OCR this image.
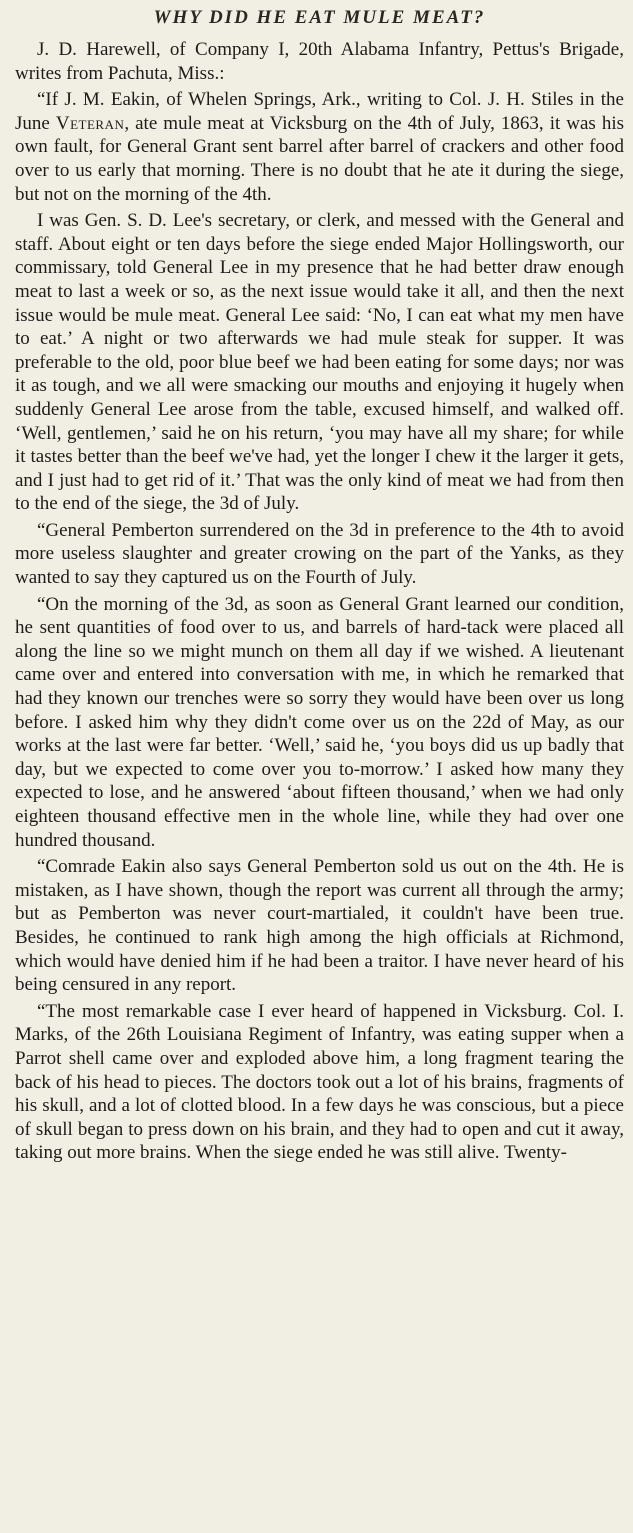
WHY DID HE EAT MULE MEAT?

J. D. Harewell, of Company I, 20th Alabama Infantry, Pettus's Brigade, writes from Pachuta, Miss.:

“If J. M. Eakin, of Whelen Springs, Ark., writing to Col. J. H. Stiles in the June Veteran, ate mule meat at Vicksburg on the 4th of July, 1863, it was his own fault, for General Grant sent barrel after barrel of crackers and other food over to us early that morning. There is no doubt that he ate it during the siege, but not on the morning of the 4th.

I was Gen. S. D. Lee's secretary, or clerk, and messed with the General and staff. About eight or ten days before the siege ended Major Hollingsworth, our commissary, told General Lee in my presence that he had better draw enough meat to last a week or so, as the next issue would take it all, and then the next issue would be mule meat. General Lee said: ‘No, I can eat what my men have to eat.’ A night or two afterwards we had mule steak for supper. It was preferable to the old, poor blue beef we had been eating for some days; nor was it as tough, and we all were smacking our mouths and enjoying it hugely when suddenly General Lee arose from the table, excused himself, and walked off. ‘Well, gentlemen,’ said he on his return, ‘you may have all my share; for while it tastes better than the beef we've had, yet the longer I chew it the larger it gets, and I just had to get rid of it.’ That was the only kind of meat we had from then to the end of the siege, the 3d of July.

“General Pemberton surrendered on the 3d in preference to the 4th to avoid more useless slaughter and greater crowing on the part of the Yanks, as they wanted to say they captured us on the Fourth of July.

“On the morning of the 3d, as soon as General Grant learned our condition, he sent quantities of food over to us, and barrels of hard-tack were placed all along the line so we might munch on them all day if we wished. A lieutenant came over and entered into conversation with me, in which he remarked that had they known our trenches were so sorry they would have been over us long before. I asked him why they didn't come over us on the 22d of May, as our works at the last were far better. ‘Well,’ said he, ‘you boys did us up badly that day, but we expected to come over you to-morrow.’ I asked how many they expected to lose, and he answered ‘about fifteen thousand,’ when we had only eighteen thousand effective men in the whole line, while they had over one hundred thousand.

“Comrade Eakin also says General Pemberton sold us out on the 4th. He is mistaken, as I have shown, though the report was current all through the army; but as Pemberton was never court-martialed, it couldn't have been true. Besides, he continued to rank high among the high officials at Richmond, which would have denied him if he had been a traitor. I have never heard of his being censured in any report.

“The most remarkable case I ever heard of happened in Vicksburg. Col. I. Marks, of the 26th Louisiana Regiment of Infantry, was eating supper when a Parrot shell came over and exploded above him, a long fragment tearing the back of his head to pieces. The doctors took out a lot of his brains, fragments of his skull, and a lot of clotted blood. In a few days he was conscious, but a piece of skull began to press down on his brain, and they had to open and cut it away, taking out more brains. When the siege ended he was still alive. Twenty-
